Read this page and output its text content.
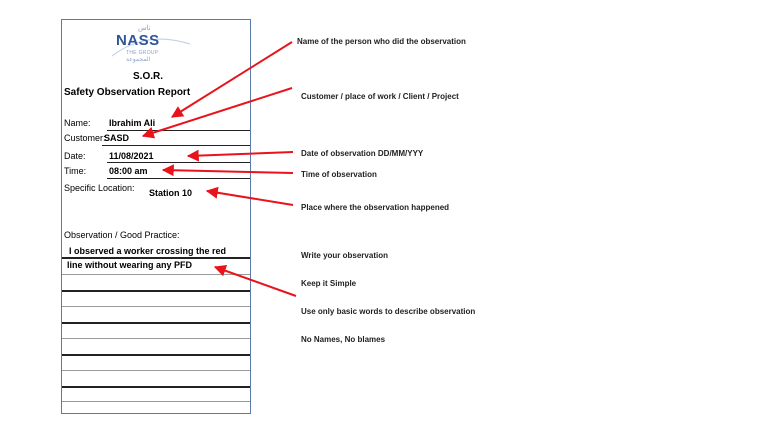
ناس
NASS
THE GROUP
المجموعة
S.O.R.
Safety Observation Report
Name: Ibrahim Ali
Customer:
SASD
Date:	11/08/2021
Time:	08:00 am
Specific Location: Station 10
Observation / Good Practice:
I observed a worker crossing the red
line without wearing any PFD
Name of the person who did the observation
Customer / place of work / Client / Project
Date of observation DD/MM/YYY
Time of observation
Place where the observation happened
Write your observation
Keep it Simple
Use only basic words to describe observation
No Names, No blames
